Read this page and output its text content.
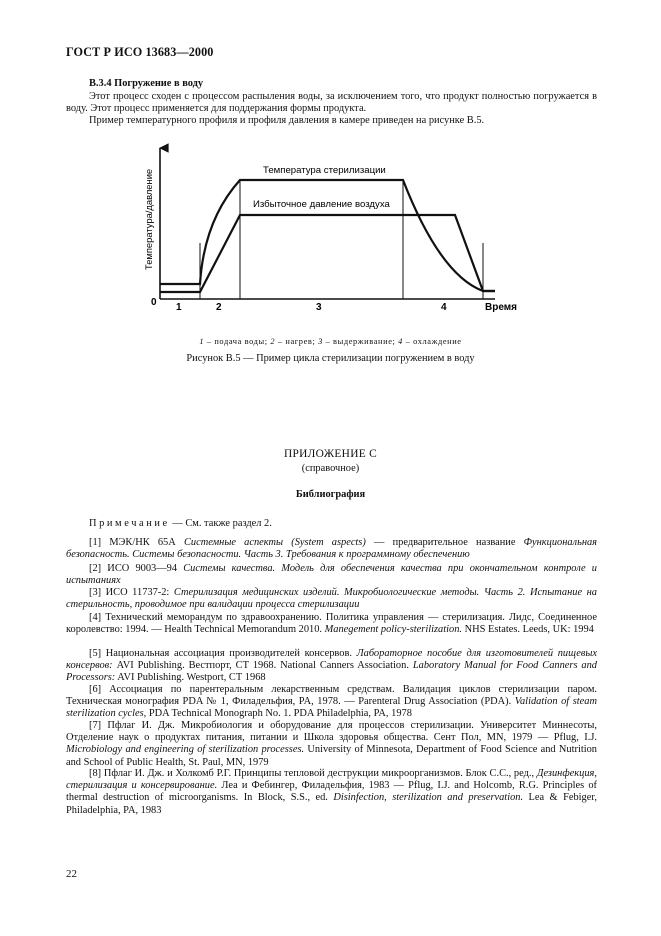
ГОСТ Р ИСО 13683—2000
В.3.4 Погружение в воду
Этот процесс сходен с процессом распыления воды, за исключением того, что продукт полностью погружается в воду. Этот процесс применяется для поддержания формы продукта.
Пример температурного профиля и профиля давления в камере приведен на рисунке В.5.
Температура стерилизации
Избыточное давление воздуха
Температура/давление
0 1	2	3	4	Время
1 – подача воды; 2 – нагрев; 3 – выдерживание; 4 – охлаждение
Рисунок В.5 — Пример цикла стерилизации погружением в воду
ПРИЛОЖЕНИЕ С
(справочное)
Библиография
Примечание — См. также раздел 2.
[1] МЭК/НК 65А Системные аспекты (System aspects) — предварительное название Функциональная безопасность. Системы безопасности. Часть 3. Требования к программному обеспечению
[2] ИСО 9003—94 Системы качества. Модель для обеспечения качества при окончательном контроле и испытаниях
[3] ИСО 11737-2: Стерилизация медицинских изделий. Микробиологические методы. Часть 2. Испытание на стерильность, проводимое при валидации процесса стерилизации
[4] Технический меморандум по здравоохранению. Политика управления — стерилизация. Лидс, Соединенное королевство: 1994. — Health Technical Memorandum 2010. Manegement policy-sterilization. NHS Estates. Leeds, UK: 1994
[5] Национальная ассоциация производителей консервов. Лабораторное пособие для изготовителей пищевых консервов: AVI Publishing. Вестпорт, СТ 1968. National Canners Association. Laboratory Manual for Food Canners and Processors: AVI Publishing. Westport, СТ 1968
[6] Ассоциация по парентеральным лекарственным средствам. Валидация циклов стерилизации паром. Техническая монография PDA № 1, Филадельфия, PA, 1978. — Parenteral Drug Association (PDA). Validation of steam sterilization cycles, PDA Technical Monograph No. 1. PDA Philadelphia, PA, 1978
[7] Пфлаг И. Дж. Микробиология и оборудование для процессов стерилизации. Университет Миннесоты, Отделение наук о продуктах питания, питании и Школа здоровья общества. Сент Пол, MN, 1979 — Pflug, I.J. Microbiology and engineering of sterilization processes. University of Minnesota, Department of Food Science and Nutrition and School of Public Health, St. Paul, MN, 1979
[8] Пфлаг И. Дж. и Холкомб Р.Г. Принципы тепловой деструкции микроорганизмов. Блок С.С., ред., Дезинфекция, стерилизация и консервирование. Леа и Фебингер, Филадельфия, 1983 — Pflug, I.J. and Holcomb, R.G. Principles of thermal destruction of microorganisms. In Block, S.S., ed. Disinfection, sterilization and preservation. Lea & Febiger, Philadelphia, PA, 1983
22
